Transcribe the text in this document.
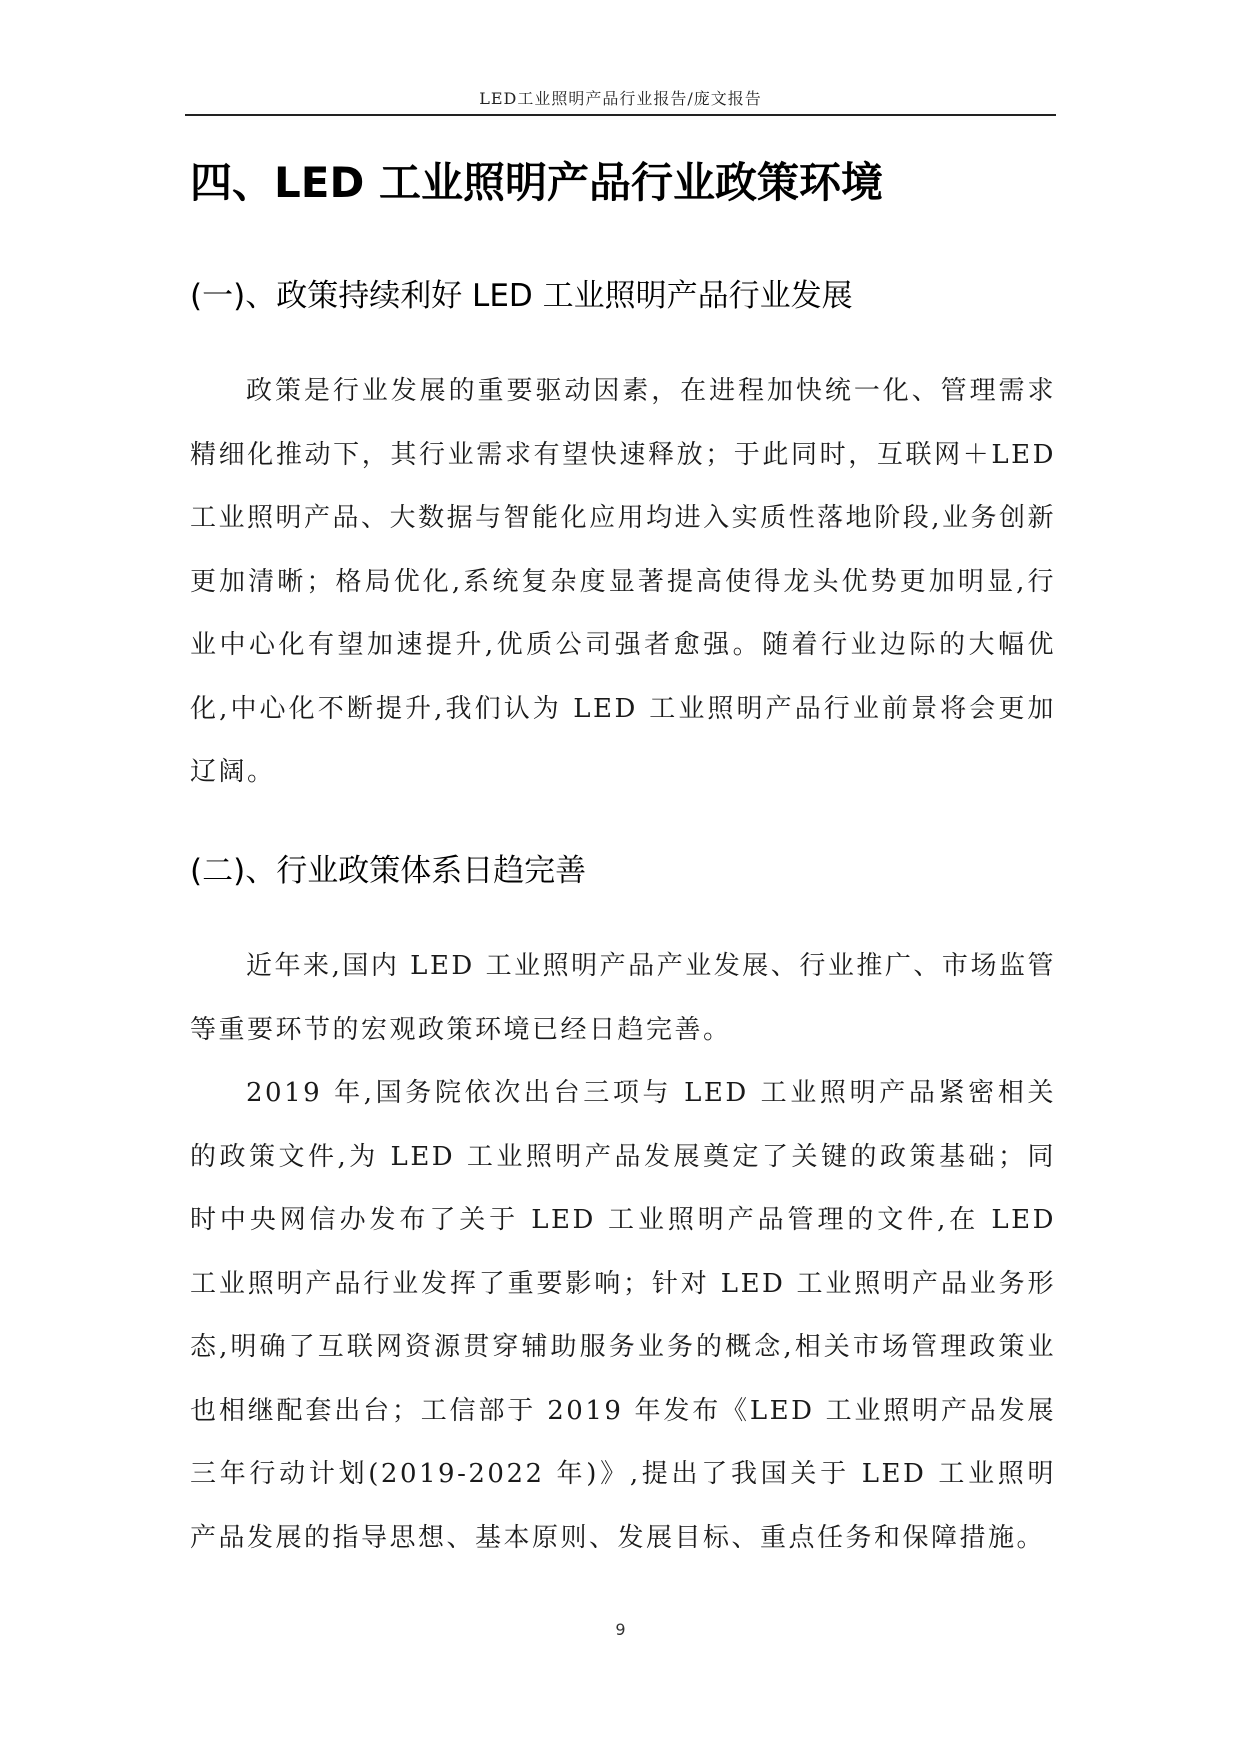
LED工业照明产品行业报告/庞文报告
四、LED 工业照明产品行业政策环境
(一)、政策持续利好 LED 工业照明产品行业发展

政策是行业发展的重要驱动因素，在进程加快统一化、管理需求精细化推动下，其行业需求有望快速释放；于此同时，互联网＋LED工业照明产品、大数据与智能化应用均进入实质性落地阶段,业务创新更加清晰；格局优化,系统复杂度显著提高使得龙头优势更加明显,行业中心化有望加速提升,优质公司强者愈强。随着行业边际的大幅优化,中心化不断提升,我们认为 LED 工业照明产品行业前景将会更加辽阔。

(二)、行业政策体系日趋完善

近年来,国内 LED 工业照明产品产业发展、行业推广、市场监管等重要环节的宏观政策环境已经日趋完善。

2019 年,国务院依次出台三项与 LED 工业照明产品紧密相关的政策文件,为 LED 工业照明产品发展奠定了关键的政策基础；同时中央网信办发布了关于 LED 工业照明产品管理的文件,在 LED 工业照明产品行业发挥了重要影响；针对 LED 工业照明产品业务形态,明确了互联网资源贯穿辅助服务业务的概念,相关市场管理政策业也相继配套出台；工信部于 2019 年发布《LED 工业照明产品发展三年行动计划(2019-2022 年)》,提出了我国关于 LED 工业照明产品发展的指导思想、基本原则、发展目标、重点任务和保障措施。

9
